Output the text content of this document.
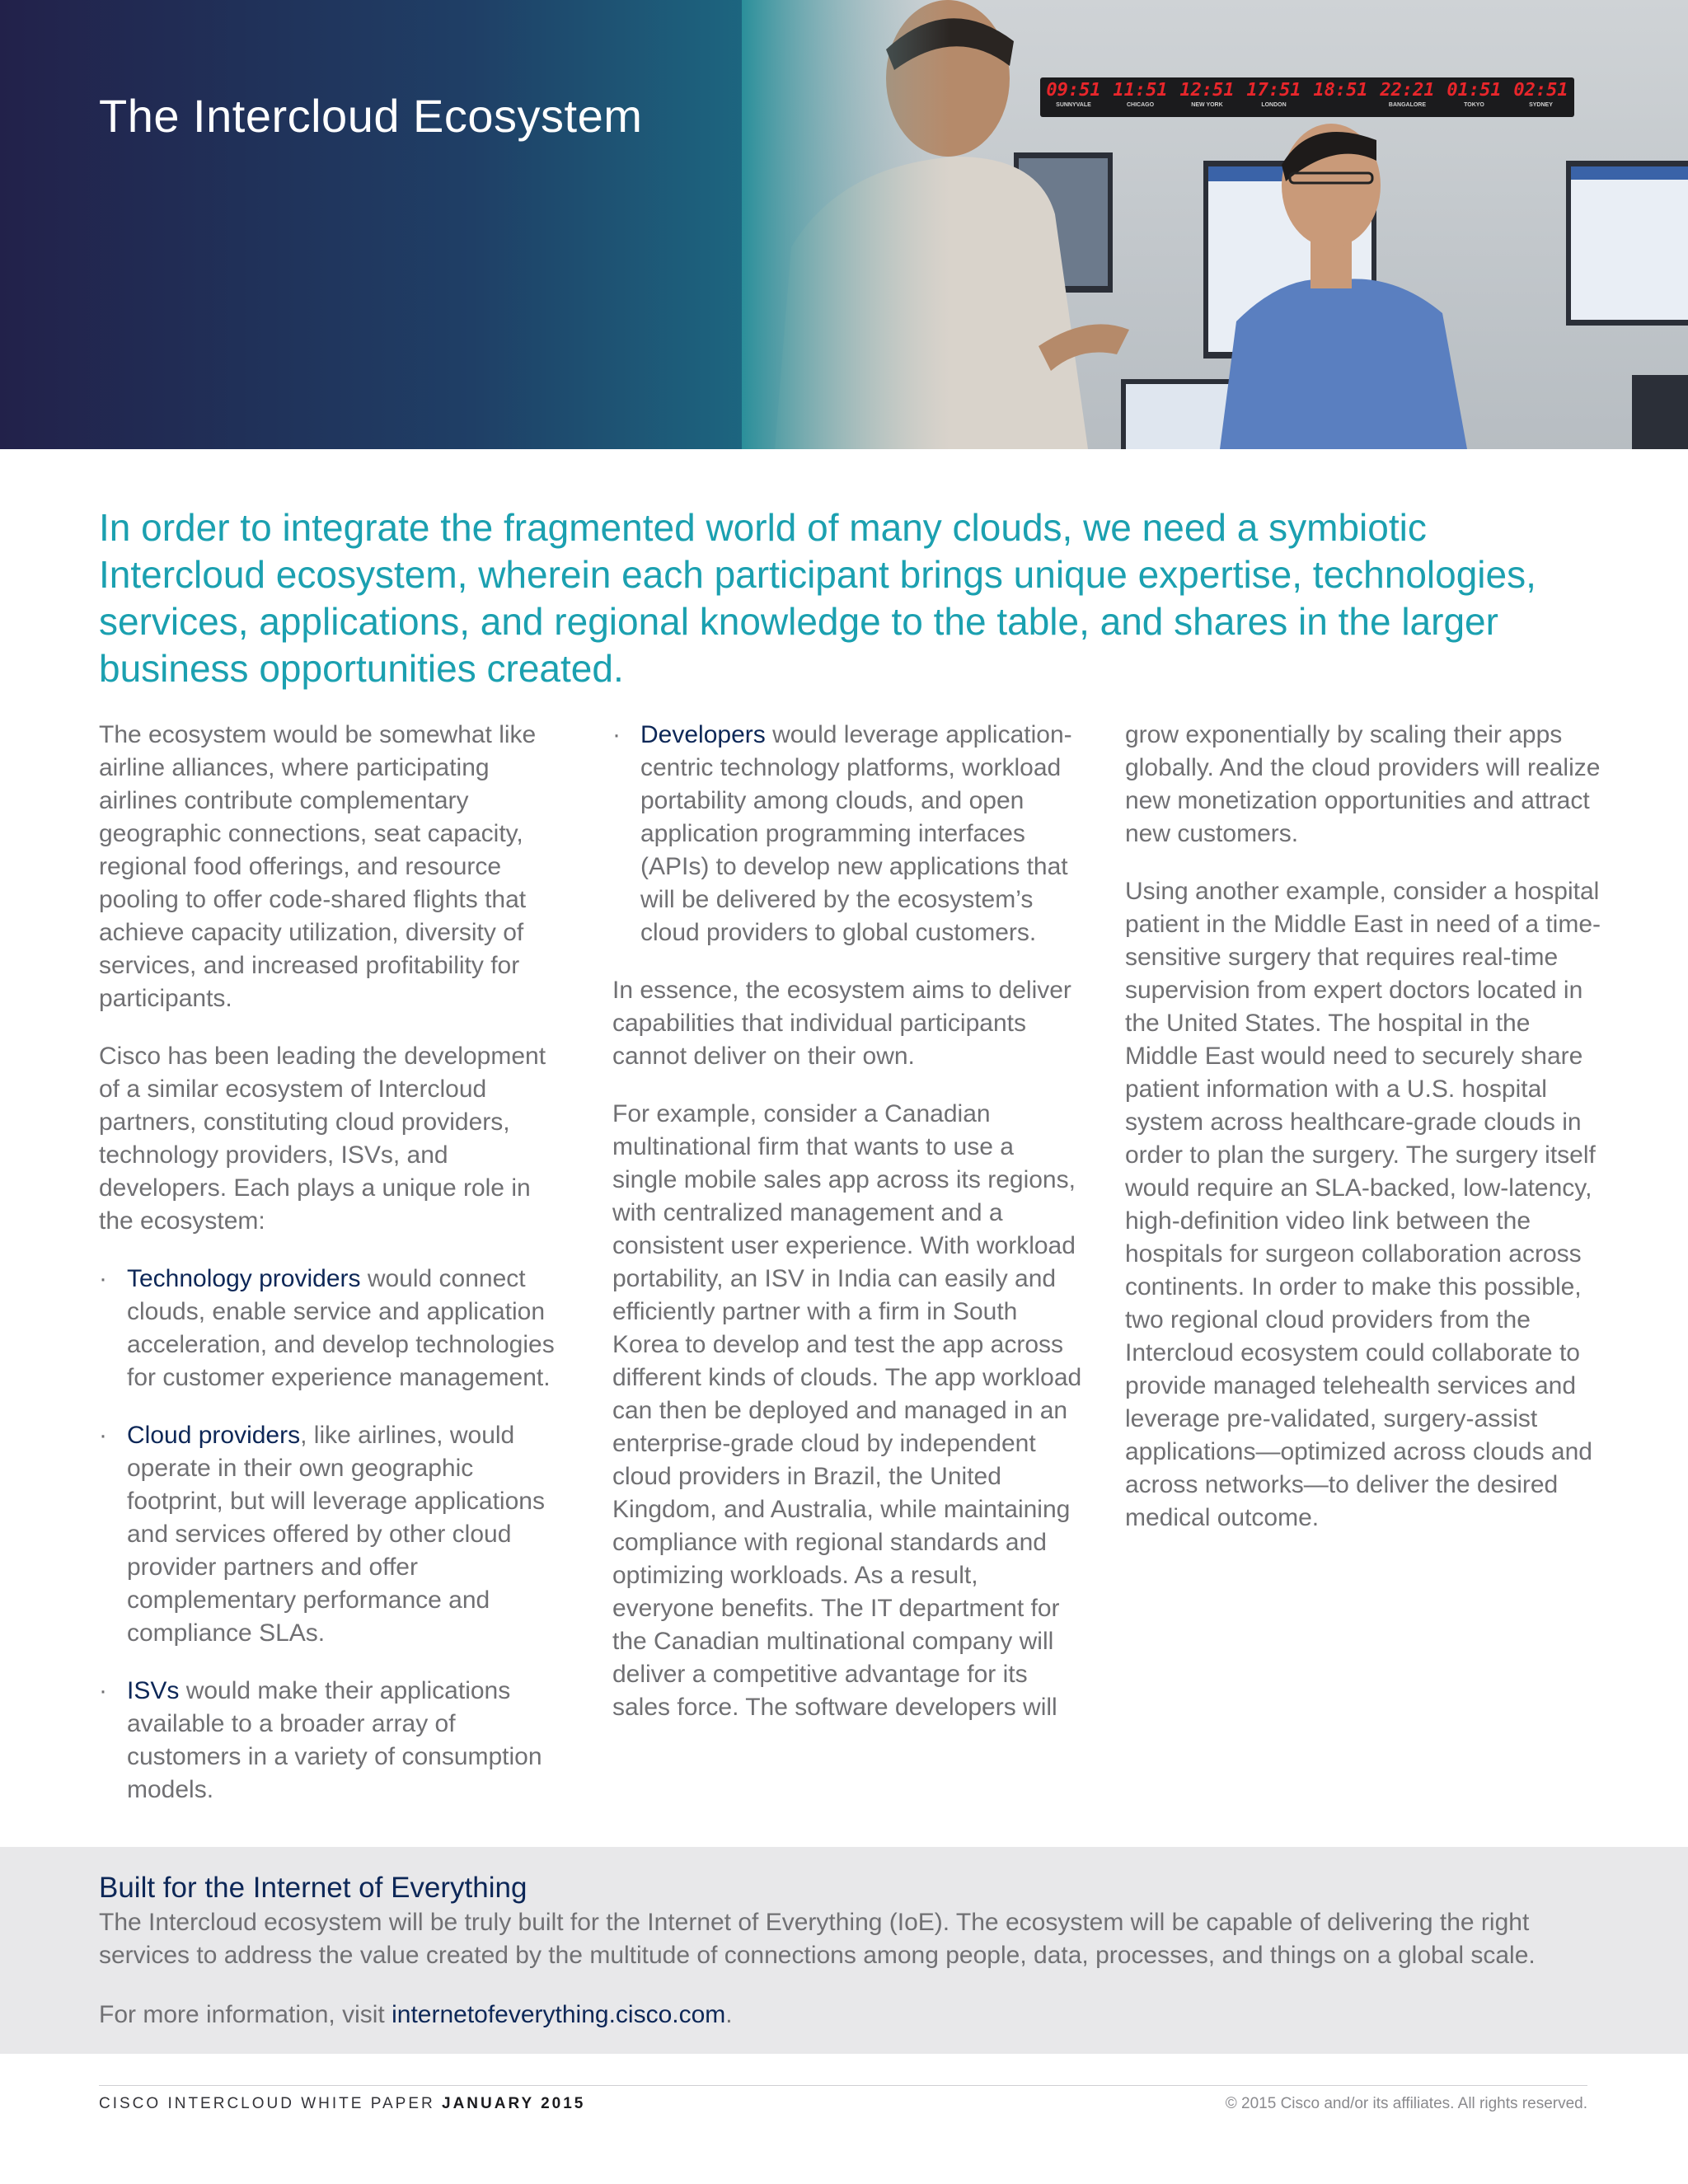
The Intercloud Ecosystem	09:51
SUNNYVALE
11:51
CHICAGO
12:51
NEW YORK
17:51
LONDON
18:51 22:21
BANGALORE
01:51
TOKYO
02:51
SYDNEY

In order to integrate the fragmented world of many clouds, we need a symbiotic Intercloud ecosystem, wherein each participant brings unique expertise, technologies, services, applications, and regional knowledge to the table, and shares in the larger business opportunities created.

The ecosystem would be somewhat like airline alliances, where participating airlines contribute complementary geographic connections, seat capacity, regional food offerings, and resource pooling to offer code-shared flights that achieve capacity utilization, diversity of services, and increased profitability for participants.

Cisco has been leading the development of a similar ecosystem of Intercloud partners, constituting cloud providers, technology providers, ISVs, and developers. Each plays a unique role in the ecosystem:

· Technology providers would connect clouds, enable service and application acceleration, and develop technologies for customer experience management.
· Cloud providers, like airlines, would operate in their own geographic footprint, but will leverage applications and services offered by other cloud provider partners and offer complementary performance and compliance SLAs.
· ISVs would make their applications available to a broader array of customers in a variety of consumption models.
· Developers would leverage application-centric technology platforms, workload portability among clouds, and open application programming interfaces (APIs) to develop new applications that will be delivered by the ecosystem’s cloud providers to global customers.

In essence, the ecosystem aims to deliver capabilities that individual participants cannot deliver on their own.

For example, consider a Canadian multinational firm that wants to use a single mobile sales app across its regions, with centralized management and a consistent user experience. With workload portability, an ISV in India can easily and efficiently partner with a firm in South Korea to develop and test the app across different kinds of clouds. The app workload can then be deployed and managed in an enterprise-grade cloud by independent cloud providers in Brazil, the United Kingdom, and Australia, while maintaining compliance with regional standards and optimizing workloads. As a result, everyone benefits. The IT department for the Canadian multinational company will deliver a competitive advantage for its sales force. The software developers will

grow exponentially by scaling their apps globally. And the cloud providers will realize new monetization opportunities and attract new customers.

Using another example, consider a hospital patient in the Middle East in need of a time-sensitive surgery that requires real-time supervision from expert doctors located in the United States. The hospital in the Middle East would need to securely share patient information with a U.S. hospital system across healthcare-grade clouds in order to plan the surgery. The surgery itself would require an SLA-backed, low-latency, high-definition video link between the hospitals for surgeon collaboration across continents. In order to make this possible, two regional cloud providers from the Intercloud ecosystem could collaborate to provide managed telehealth services and leverage pre-validated, surgery-assist applications—optimized across clouds and across networks—to deliver the desired medical outcome.

Built for the Internet of Everything

The Intercloud ecosystem will be truly built for the Internet of Everything (IoE). The ecosystem will be capable of delivering the right services to address the value created by the multitude of connections among people, data, processes, and things on a global scale.

For more information, visit internetofeverything.cisco.com.
CISCO INTERCLOUD WHITE PAPER JANUARY 2015	© 2015 Cisco and/or its affiliates. All rights reserved.
